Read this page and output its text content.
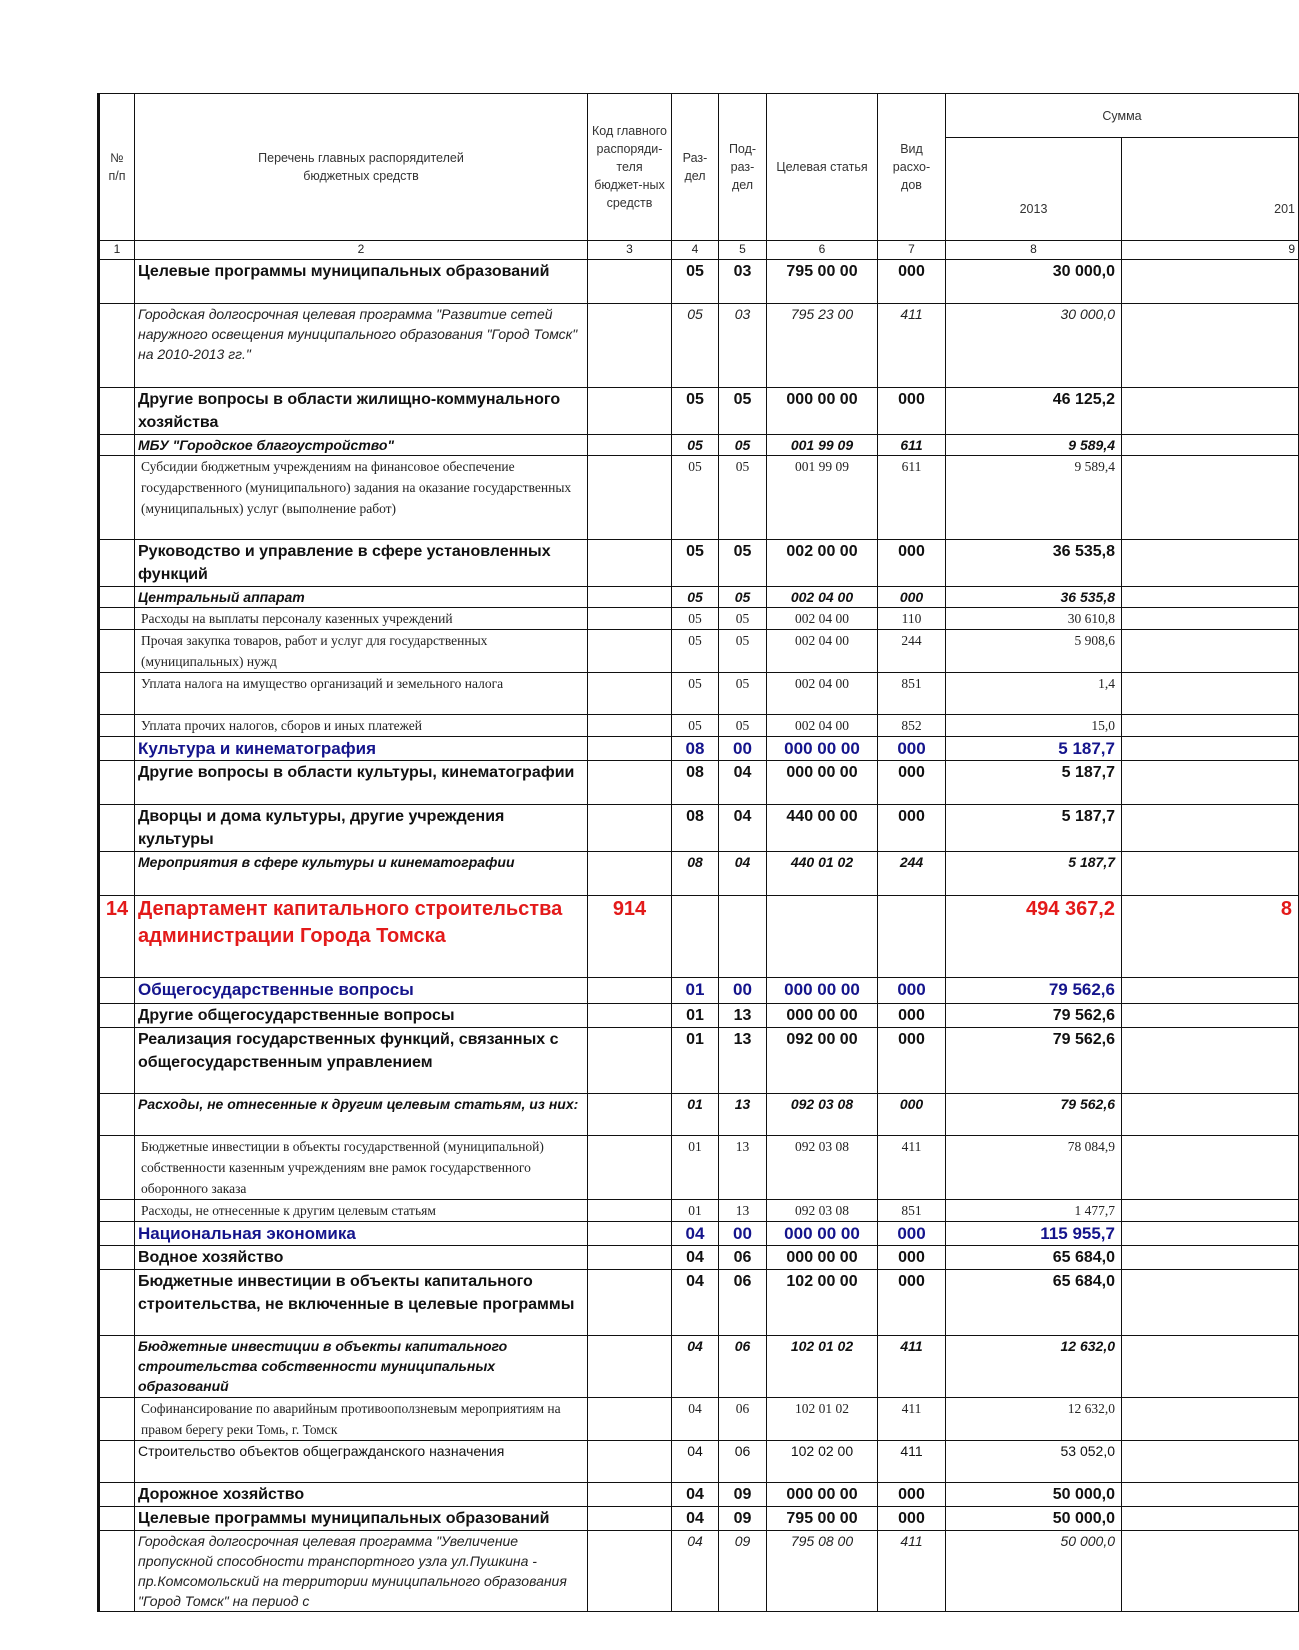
№ п/п	Перечень главных распорядителей бюджетных средств	Код главного распоряди-теля бюджет-ных средств	Раз-дел	Под-раз-дел	Целевая статья	Вид расхо-дов	Сумма	
							2013	201
1	2	3	4	5	6	7	8	9
	Целевые программы муниципальных образований		05	03	795 00 00	000	30 000,0	
	Городская долгосрочная целевая программа "Развитие сетей наружного освещения муниципального образования "Город Томск" на 2010-2013 гг."		05	03	795 23 00	411	30 000,0	
	Другие вопросы в области жилищно-коммунального хозяйства		05	05	000 00 00	000	46 125,2	
	МБУ "Городское благоустройство"		05	05	001 99 09	611	9 589,4	
	Субсидии бюджетным учреждениям на финансовое обеспечение государственного (муниципального) задания на оказание государственных (муниципальных) услуг (выполнение работ)		05	05	001 99 09	611	9 589,4	
	Руководство и управление в сфере установленных функций		05	05	002 00 00	000	36 535,8	
	Центральный аппарат		05	05	002 04 00	000	36 535,8	
	Расходы на выплаты персоналу казенных учреждений		05	05	002 04 00	110	30 610,8	
	Прочая закупка товаров, работ и услуг для государственных (муниципальных) нужд		05	05	002 04 00	244	5 908,6	
	Уплата налога на имущество организаций и земельного налога		05	05	002 04 00	851	1,4	
	Уплата прочих налогов, сборов и иных платежей		05	05	002 04 00	852	15,0	
	Культура и кинематография		08	00	000 00 00	000	5 187,7	
	Другие вопросы в области культуры, кинематографии		08	04	000 00 00	000	5 187,7	
	Дворцы и дома культуры, другие учреждения культуры		08	04	440 00 00	000	5 187,7	
	Мероприятия в сфере культуры и кинематографии		08	04	440 01 02	244	5 187,7	
14	Департамент капитального строительства администрации Города Томска	914					494 367,2	8
	Общегосударственные вопросы		01	00	000 00 00	000	79 562,6	
	Другие общегосударственные вопросы		01	13	000 00 00	000	79 562,6	
	Реализация государственных функций, связанных с общегосударственным управлением		01	13	092 00 00	000	79 562,6	
	Расходы, не отнесенные к другим целевым статьям, из них:		01	13	092 03 08	000	79 562,6	
	Бюджетные инвестиции в объекты государственной (муниципальной) собственности казенным учреждениям вне рамок государственного оборонного заказа		01	13	092 03 08	411	78 084,9	
	Расходы, не отнесенные к другим целевым статьям		01	13	092 03 08	851	1 477,7	
	Национальная экономика		04	00	000 00 00	000	115 955,7	
	Водное хозяйство		04	06	000 00 00	000	65 684,0	
	Бюджетные инвестиции в объекты капитального строительства, не включенные в целевые программы		04	06	102 00 00	000	65 684,0	
	Бюджетные инвестиции в объекты капитального строительства собственности муниципальных образований		04	06	102 01 02	411	12 632,0	
	Софинансирование по аварийным противооползневым мероприятиям на правом берегу реки Томь, г. Томск		04	06	102 01 02	411	12 632,0	
	Строительство объектов общегражданского назначения		04	06	102 02 00	411	53 052,0	
	Дорожное хозяйство		04	09	000 00 00	000	50 000,0	
	Целевые программы муниципальных образований		04	09	795 00 00	000	50 000,0	
	Городская долгосрочная целевая программа "Увеличение пропускной способности транспортного узла ул.Пушкина - пр.Комсомольский на территории муниципального образования "Город Томск" на период с		04	09	795 08 00	411	50 000,0	
